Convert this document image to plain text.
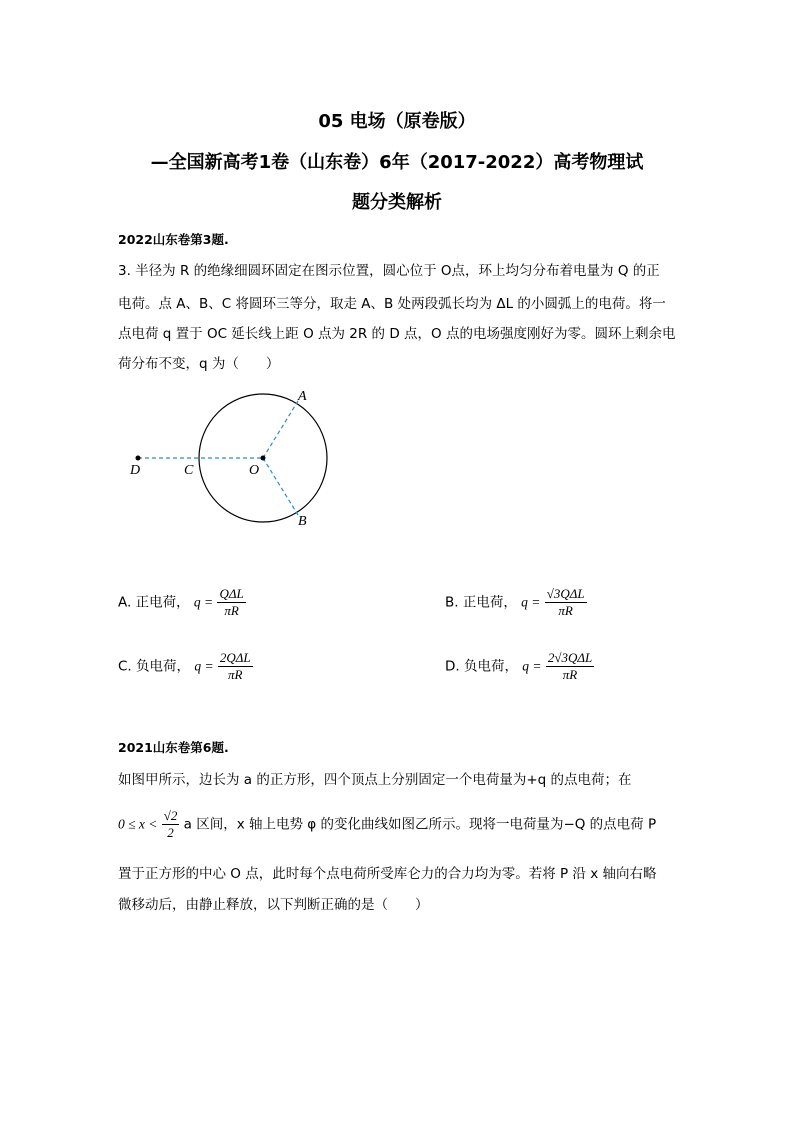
05 电场（原卷版）
—全国新高考1卷（山东卷）6年（2017-2022）高考物理试
题分类解析
2022山东卷第3题.
3. 半径为 R 的绝缘细圆环固定在图示位置，圆心位于 O点，环上均匀分布着电量为 Q 的正
电荷。点 A、B、C 将圆环三等分，取走 A、B 处两段弧长均为 ΔL 的小圆弧上的电荷。将一
点电荷 q 置于 OC 延长线上距 O 点为 2R 的 D 点，O 点的电场强度刚好为零。圆环上剩余电
荷分布不变，q 为（　　）
A
B
C	O
D
A. 正电荷， $q = \frac{\text{QΔL}}{\pi R}$	B. 正电荷， $q = \frac{\text{√3QΔL}}{\pi R}$
C. 负电荷， $q = \frac{\text{2QΔL}}{\pi R}$	D. 负电荷， $q = \frac{\text{2√3QΔL}}{\pi R}$
2021山东卷第6题.
如图甲所示，边长为 a 的正方形，四个顶点上分别固定一个电荷量为+q 的点电荷；在
$0 \le x < \frac{√2}{2}$ a 区间，x 轴上电势 φ 的变化曲线如图乙所示。现将一电荷量为−Q 的点电荷 P
置于正方形的中心 O 点，此时每个点电荷所受库仑力的合力均为零。若将 P 沿 x 轴向右略
微移动后，由静止释放，以下判断正确的是（　　）
